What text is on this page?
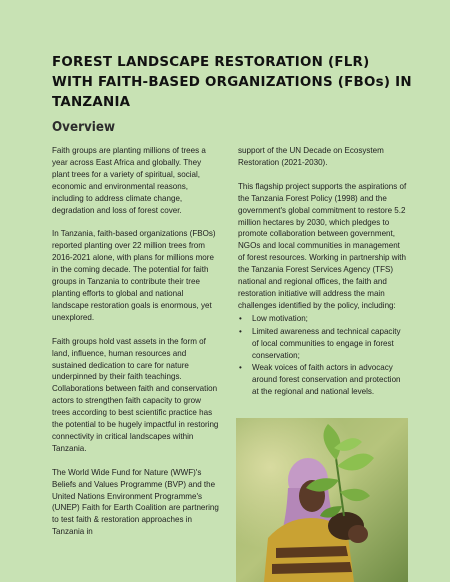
FOREST LANDSCAPE RESTORATION (FLR)
WITH FAITH-BASED ORGANIZATIONS (FBOs) IN
TANZANIA
Overview

Faith groups are planting millions of trees a year across East Africa and globally. They plant trees for a variety of spiritual, social, economic and environmental reasons, including to address climate change, degradation and loss of forest cover.

In Tanzania, faith-based organizations (FBOs) reported planting over 22 million trees from 2016-2021 alone, with plans for millions more in the coming decade. The potential for faith groups in Tanzania to contribute their tree planting efforts to global and national landscape restoration goals is enormous, yet unexplored.

Faith groups hold vast assets in the form of land, influence, human resources and sustained dedication to care for nature underpinned by their faith teachings. Collaborations between faith and conservation actors to strengthen faith capacity to grow trees according to best scientific practice has the potential to be hugely impactful in restoring connectivity in critical landscapes within Tanzania.

The World Wide Fund for Nature (WWF)'s Beliefs and Values Programme (BVP) and the United Nations Environment Programme's (UNEP) Faith for Earth Coalition are partnering to test faith & restoration approaches in Tanzania in

support of the UN Decade on Ecosystem Restoration (2021-2030).

This flagship project supports the aspirations of the Tanzania Forest Policy (1998) and the government's global commitment to restore 5.2 million hectares by 2030, which pledges to promote collaboration between government, NGOs and local communities in management of forest resources. Working in partnership with the Tanzania Forest Services Agency (TFS) national and regional offices, the faith and restoration initiative will address the main challenges identified by the policy, including:

• Low motivation;
• Limited awareness and technical capacity of local communities to engage in forest conservation;
• Weak voices of faith actors in advocacy around forest conservation and protection at the regional and national levels.
